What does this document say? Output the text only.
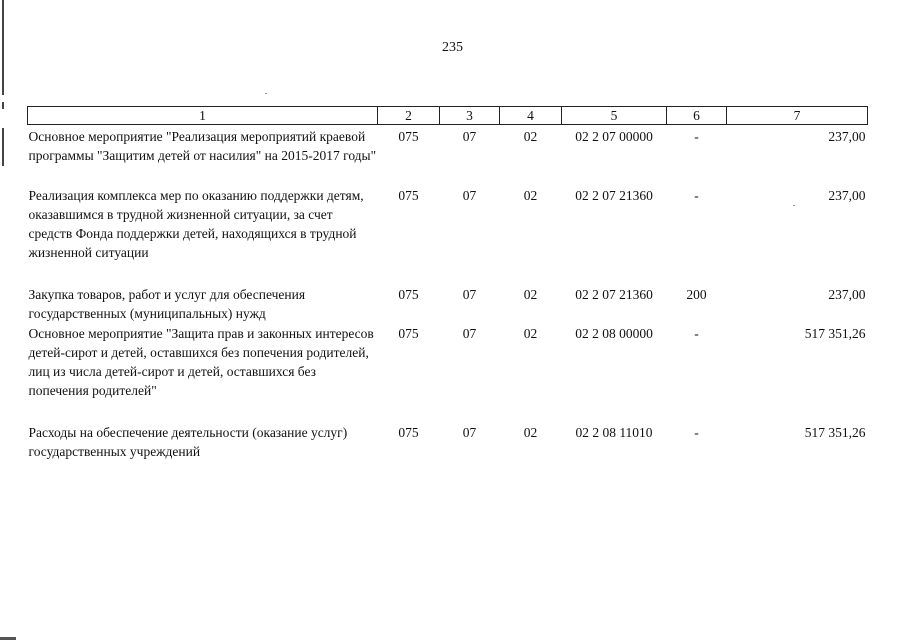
235
1	2	3	4	5	6	7
Основное мероприятие "Реализация мероприятий краевой программы "Защитим детей от насилия" на 2015-2017 годы"	075	07	02	02 2 07 00000	-	237,00
Реализация комплекса мер по оказанию поддержки детям, оказавшимся в трудной жизненной ситуации, за счет средств Фонда поддержки детей, находящихся в трудной жизненной ситуации	075	07	02	02 2 07 21360	-	237,00
Закупка товаров, работ и услуг для обеспечения государственных (муниципальных) нужд	075	07	02	02 2 07 21360	200	237,00
Основное мероприятие "Защита прав и законных интересов детей-сирот и детей, оставшихся без попечения родителей, лиц из числа детей-сирот и детей, оставшихся без попечения родителей"	075	07	02	02 2 08 00000	-	517 351,26
Расходы на обеспечение деятельности (оказание услуг) государственных учреждений	075	07	02	02 2 08 11010	-	517 351,26
